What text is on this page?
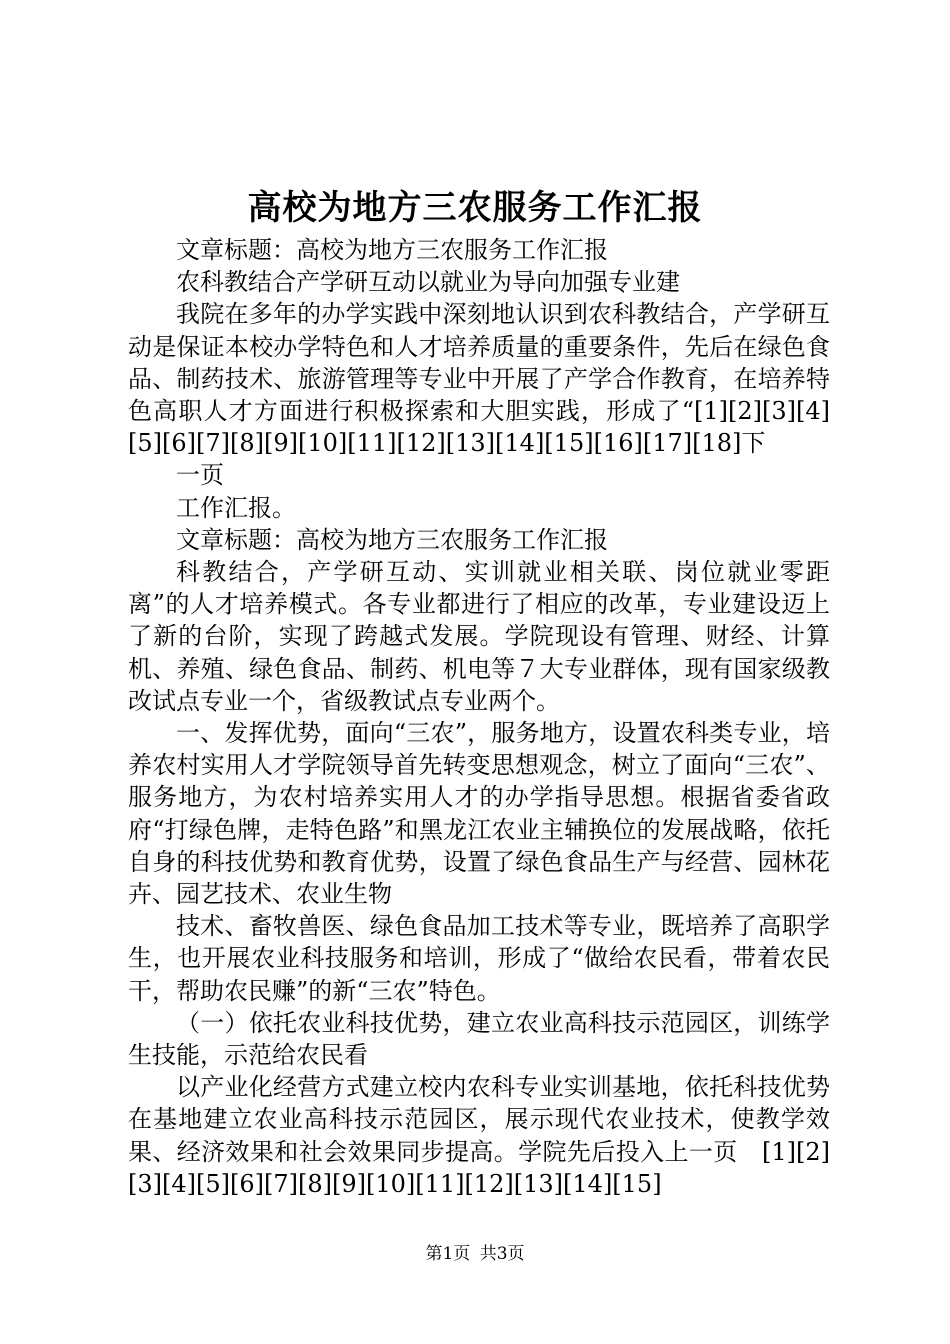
高校为地方三农服务工作汇报

文章标题：高校为地方三农服务工作汇报

农科教结合产学研互动以就业为导向加强专业建

我院在多年的办学实践中深刻地认识到农科教结合，产学研互动是保证本校办学特色和人才培养质量的重要条件，先后在绿色食品、制药技术、旅游管理等专业中开展了产学合作教育，在培养特色高职人才方面进行积极探索和大胆实践，形成了“[1][2][3][4][5][6][7][8][9][10][11][12][13][14][15][16][17][18]下

一页

工作汇报。

文章标题：高校为地方三农服务工作汇报

科教结合，产学研互动、实训就业相关联、岗位就业零距离”的人才培养模式。各专业都进行了相应的改革，专业建设迈上了新的台阶，实现了跨越式发展。学院现设有管理、财经、计算机、养殖、绿色食品、制药、机电等７大专业群体，现有国家级教改试点专业一个，省级教试点专业两个。

一、发挥优势，面向“三农”，服务地方，设置农科类专业，培养农村实用人才学院领导首先转变思想观念，树立了面向“三农”、服务地方，为农村培养实用人才的办学指导思想。根据省委省政府“打绿色牌，走特色路”和黑龙江农业主辅换位的发展战略，依托自身的科技优势和教育优势，设置了绿色食品生产与经营、园林花卉、园艺技术、农业生物

技术、畜牧兽医、绿色食品加工技术等专业，既培养了高职学生，也开展农业科技服务和培训，形成了“做给农民看，带着农民干，帮助农民赚”的新“三农”特色。

（一）依托农业科技优势，建立农业高科技示范园区，训练学生技能，示范给农民看

以产业化经营方式建立校内农科专业实训基地，依托科技优势在基地建立农业高科技示范园区，展示现代农业技术，使教学效果、经济效果和社会效果同步提高。学院先后投入上一页　[1][2][3][4][5][6][7][8][9][10][11][12][13][14][15]

第1页 共3页
